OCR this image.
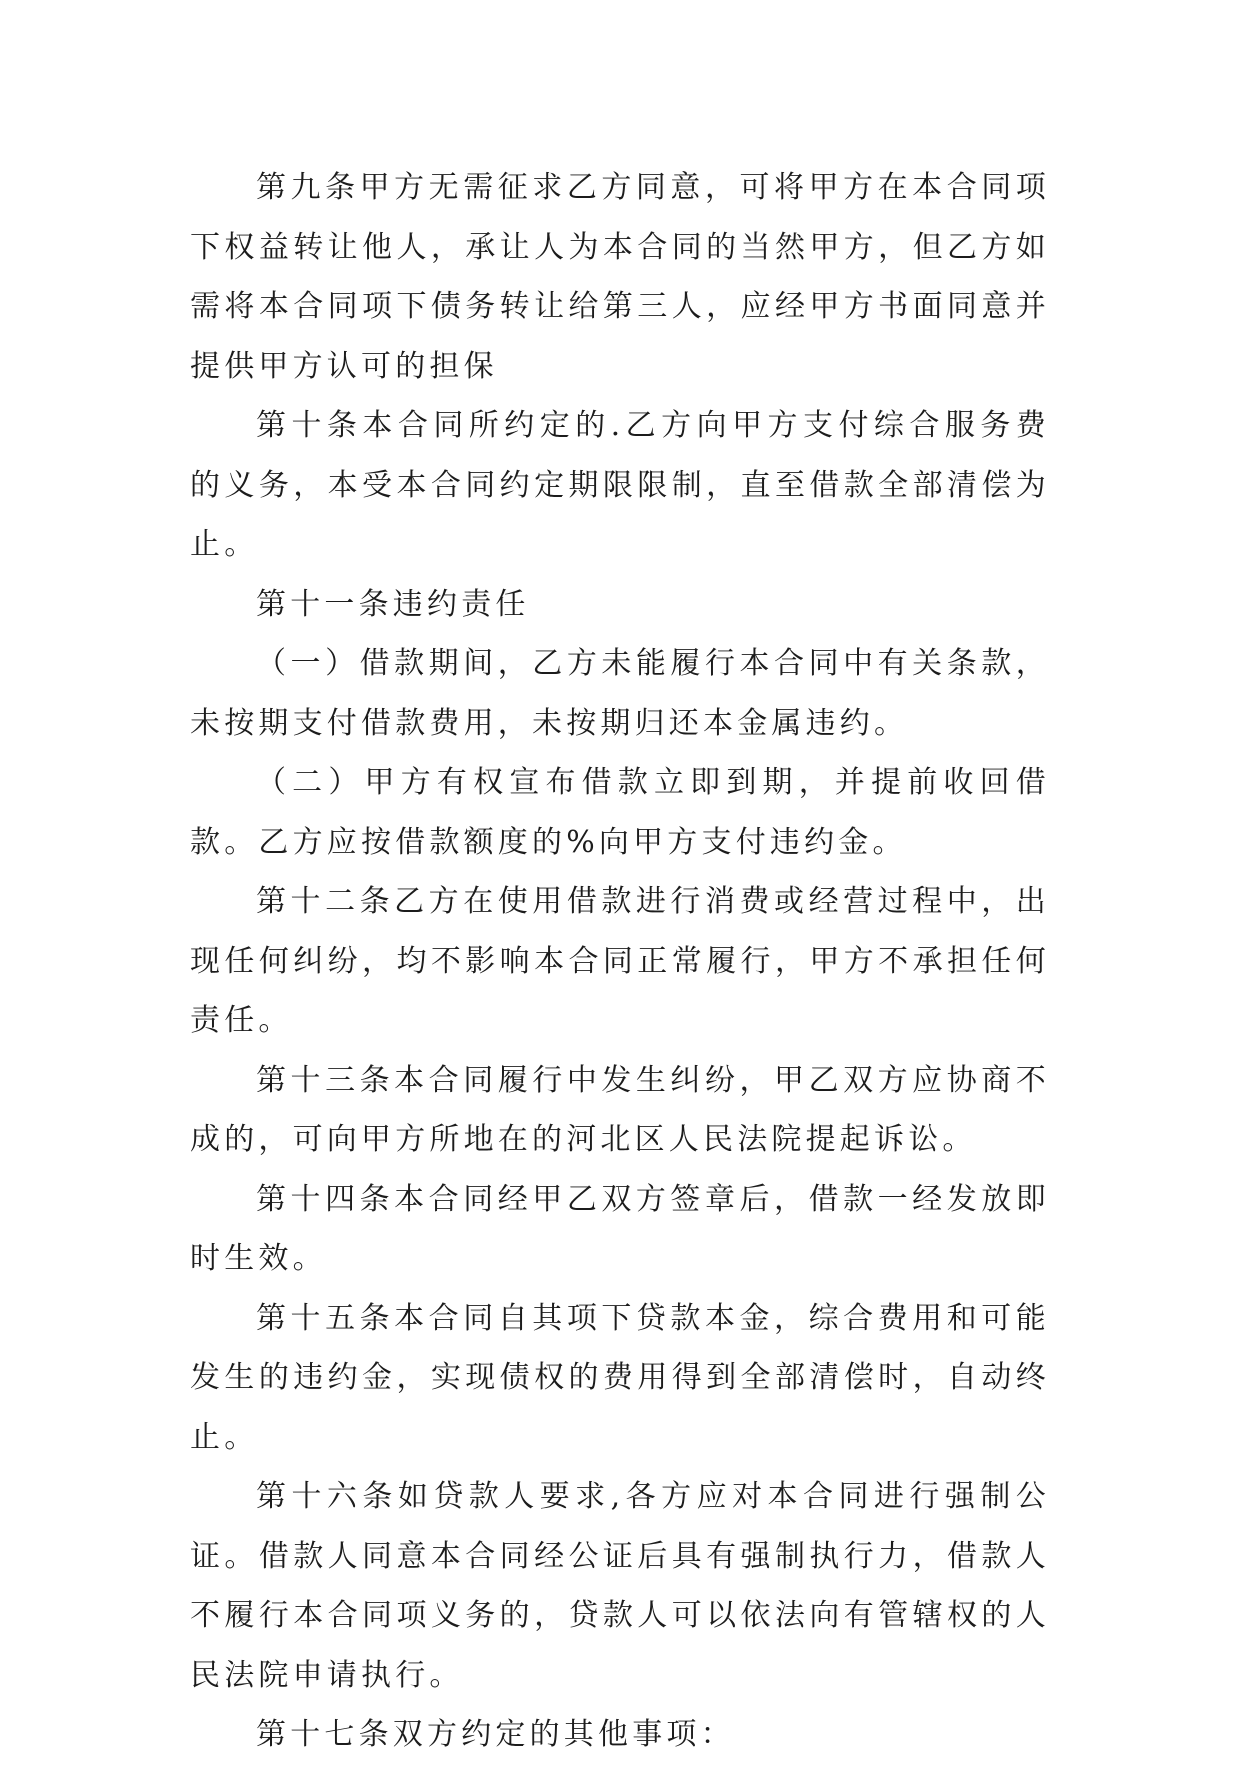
第九条甲方无需征求乙方同意，可将甲方在本合同项下权益转让他人，承让人为本合同的当然甲方，但乙方如需将本合同项下债务转让给第三人，应经甲方书面同意并提供甲方认可的担保

第十条本合同所约定的.乙方向甲方支付综合服务费的义务，本受本合同约定期限限制，直至借款全部清偿为止。

第十一条违约责任

（一）借款期间，乙方未能履行本合同中有关条款，未按期支付借款费用，未按期归还本金属违约。

（二）甲方有权宣布借款立即到期，并提前收回借款。乙方应按借款额度的%向甲方支付违约金。

第十二条乙方在使用借款进行消费或经营过程中，出现任何纠纷，均不影响本合同正常履行，甲方不承担任何责任。

第十三条本合同履行中发生纠纷，甲乙双方应协商不成的，可向甲方所地在的河北区人民法院提起诉讼。

第十四条本合同经甲乙双方签章后，借款一经发放即时生效。

第十五条本合同自其项下贷款本金，综合费用和可能发生的违约金，实现债权的费用得到全部清偿时，自动终止。

第十六条如贷款人要求,各方应对本合同进行强制公证。借款人同意本合同经公证后具有强制执行力，借款人不履行本合同项义务的，贷款人可以依法向有管辖权的人民法院申请执行。

第十七条双方约定的其他事项：
